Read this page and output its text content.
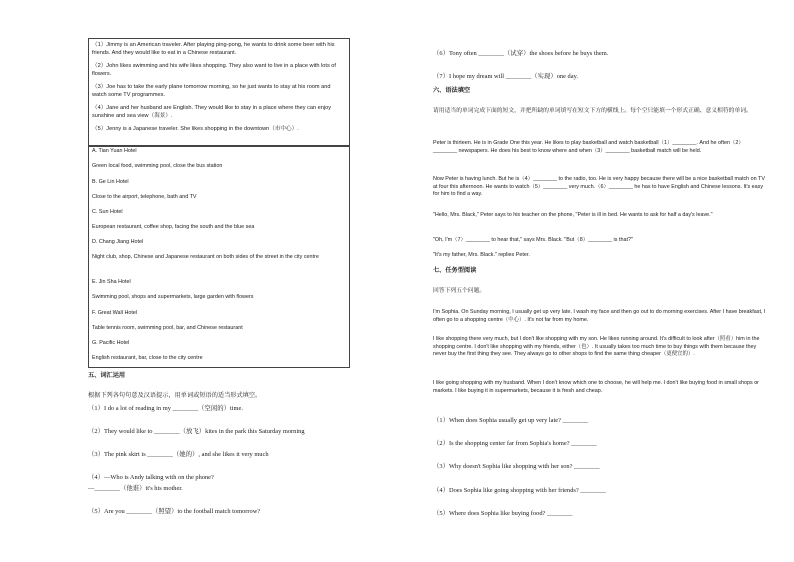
（1）Jimmy is an American traveler. After playing ping-pong, he wants to drink some beer with his friends. And they would like to eat in a Chinese restaurant.

（2）John likes swimming and his wife likes shopping. They also want to live in a place with lots of flowers.

（3）Joe has to take the early plane tomorrow morning, so he just wants to stay at his room and watch some TV programmes.

（4）Jane and her husband are English. They would like to stay in a place where they can enjoy sunshine and sea view（海景）.

（5）Jenny is a Japanese traveler. She likes shopping in the downtown（市中心）.

A. Tian Yuan Hotel
Green local food, swimming pool, close the bus station
B. Ge Lin Hotel
Close to the airport, telephone, bath and TV
C. Sun Hotel
European restaurant, coffee shop, facing the south and the blue sea
D. Chang Jiang Hotel
Night club, shop, Chinese and Japanese restaurant on both sides of the street in the city centre
E. Jin Sha Hotel
Swimming pool, shops and supermarkets, large garden with flowers
F. Great Wall Hotel
Table tennis room, swimming pool, bar, and Chinese restaurant
G. Pacific Hotel
English restaurant, bar, close to the city centre
五、词汇运用
根据下列各句句意及汉语提示，用单词或短语的适当形式填空。
（1）I do a lot of reading in my ________（空闲的）time.
（2）They would like to ________（放飞）kites in the park this Saturday morning
（3）The pink skirt is ________（她的）, and she likes it very much
（4）—Who is Andy talking with on the phone?
—________（他谁）it's his mother.
（5）Are you ________（照望）to the football match tomorrow?
（6）Tony often ________（试穿）the shoes before he buys them.
（7）I hope my dream will ________（实现）one day.
六、语法填空
请用适当的单词完成下面的短文，并把所缺的单词填写在短文下方的横线上。每个空只能填一个形式正确、意义相符的单词。
Peter is thirteen. He is in Grade One this year. He likes to play basketball and watch basketball（1）________. And he often（2）________ newspapers. He does his best to know where and when（3）________ basketball match will be held.
Now Peter is having lunch. But he is（4）________ to the radio, too. He is very happy because there will be a nice basketball match on TV at four this afternoon. He wants to watch（5）________ very much.（6）________ he has to have English and Chinese lessons. It's easy for him to find a way.
"Hello, Mrs. Black," Peter says to his teacher on the phone, "Peter is ill in bed. He wants to ask for half a day's leave."
"Oh, I'm（7）________ to hear that," says Mrs. Black. "But（8）________ is that?"
"It's my father, Mrs. Black." replies Peter.
七、任务型阅读
回答下列五个问题。
I'm Sophia. On Sunday morning, I usually get up very late. I wash my face and then go out to do morning exercises. After I have breakfast, I often go to a shopping centre（中心）. It's not far from my home.
I like shopping there very much, but I don't like shopping with my son. He likes running around. It's difficult to look after（照看）him in the shopping centre. I don't like shopping with my friends, either（也）. It usually takes too much time to buy things with them because they never buy the first thing they see. They always go to other shops to find the same thing cheaper（更便宜的）.
I like going shopping with my husband. When I don't know which one to choose, he will help me. I don't like buying food in small shops or markets. I like buying it in supermarkets, because it is fresh and cheap.
（1）When does Sophia usually get up very late? ________
（2）Is the shopping center far from Sophia's home? ________
（3）Why doesn't Sophia like shopping with her son? ________
（4）Does Sophia like going shopping with her friends? ________
（5）Where does Sophia like buying food? ________
